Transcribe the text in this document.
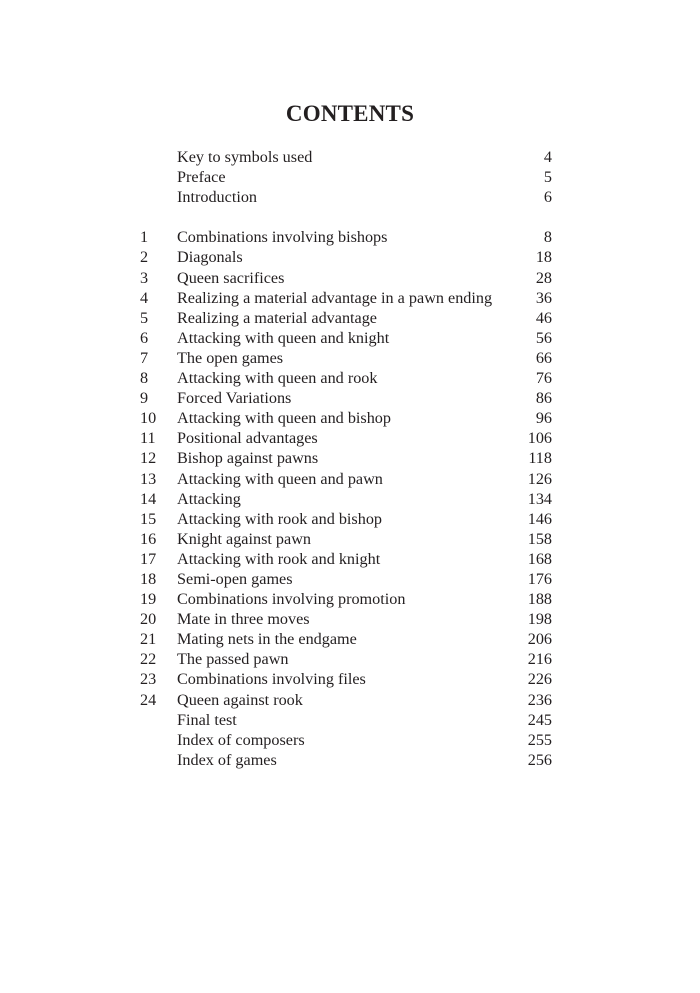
CONTENTS
Key to symbols used	4
Preface	5
Introduction	6
1	Combinations involving bishops	8
2	Diagonals	18
3	Queen sacrifices	28
4	Realizing a material advantage in a pawn ending	36
5	Realizing a material advantage	46
6	Attacking with queen and knight	56
7	The open games	66
8	Attacking with queen and rook	76
9	Forced Variations	86
10	Attacking with queen and bishop	96
11	Positional advantages	106
12	Bishop against pawns	118
13	Attacking with queen and pawn	126
14	Attacking	134
15	Attacking with rook and bishop	146
16	Knight against pawn	158
17	Attacking with rook and knight	168
18	Semi-open games	176
19	Combinations involving promotion	188
20	Mate in three moves	198
21	Mating nets in the endgame	206
22	The passed pawn	216
23	Combinations involving files	226
24	Queen against rook	236
Final test	245
Index of composers	255
Index of games	256
